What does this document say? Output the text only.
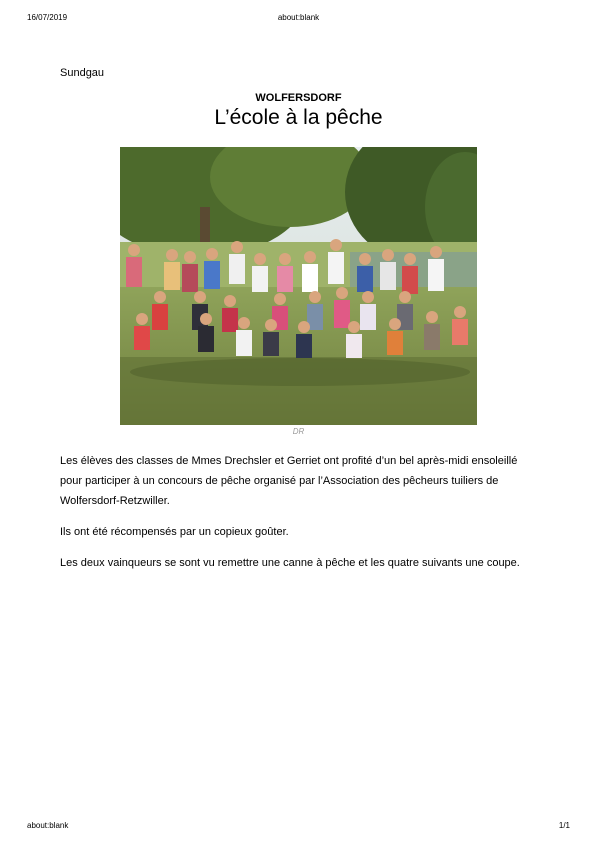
16/07/2019	about:blank
Sundgau
WOLFERSDORF
L’école à la pêche
DR

Les élèves des classes de Mmes Drechsler et Gerriet ont profité d’un bel après-midi ensoleillé pour participer à un concours de pêche organisé par l’Association des pêcheurs tuiliers de Wolfersdorf-Retzwiller.

Ils ont été récompensés par un copieux goûter.

Les deux vainqueurs se sont vu remettre une canne à pêche et les quatre suivants une coupe.

about:blank	1/1
